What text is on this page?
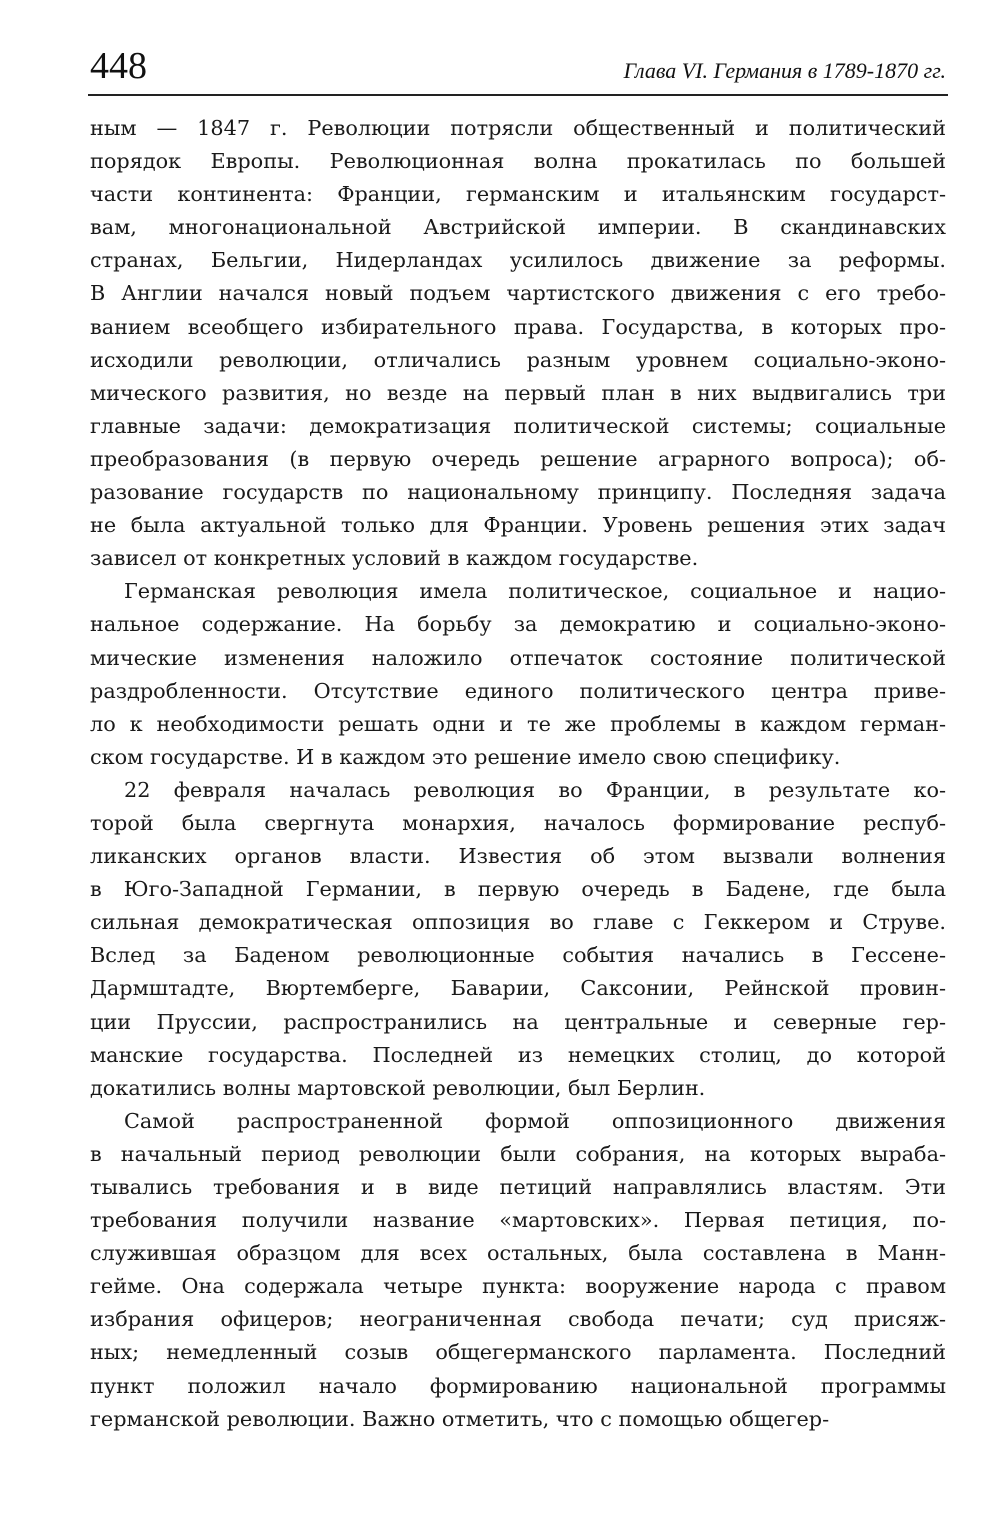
448	Глава VI. Германия в 1789-1870 гг.
ным — 1847 г. Революции потрясли общественный и политический
порядок Европы. Революционная волна прокатилась по большей
части континента: Франции, германским и итальянским государст-
вам, многонациональной Австрийской империи. В скандинавских
странах, Бельгии, Нидерландах усилилось движение за реформы.
В Англии начался новый подъем чартистского движения с его требо-
ванием всеобщего избирательного права. Государства, в которых про-
исходили революции, отличались разным уровнем социально-эконо-
мического развития, но везде на первый план в них выдвигались три
главные задачи: демократизация политической системы; социальные
преобразования (в первую очередь решение аграрного вопроса); об-
разование государств по национальному принципу. Последняя задача
не была актуальной только для Франции. Уровень решения этих задач
зависел от конкретных условий в каждом государстве.
Германская революция имела политическое, социальное и нацио-
нальное содержание. На борьбу за демократию и социально-эконо-
мические изменения наложило отпечаток состояние политической
раздробленности. Отсутствие единого политического центра приве-
ло к необходимости решать одни и те же проблемы в каждом герман-
ском государстве. И в каждом это решение имело свою специфику.
22 февраля началась революция во Франции, в результате ко-
торой была свергнута монархия, началось формирование респуб-
ликанских органов власти. Известия об этом вызвали волнения
в Юго-Западной Германии, в первую очередь в Бадене, где была
сильная демократическая оппозиция во главе с Геккером и Струве.
Вслед за Баденом революционные события начались в Гессене-
Дармштадте, Вюртемберге, Баварии, Саксонии, Рейнской провин-
ции Пруссии, распространились на центральные и северные гер-
манские государства. Последней из немецких столиц, до которой
докатились волны мартовской революции, был Берлин.
Самой распространенной формой оппозиционного движения
в начальный период революции были собрания, на которых выраба-
тывались требования и в виде петиций направлялись властям. Эти
требования получили название «мартовских». Первая петиция, по-
служившая образцом для всех остальных, была составлена в Манн-
гейме. Она содержала четыре пункта: вооружение народа с правом
избрания офицеров; неограниченная свобода печати; суд присяж-
ных; немедленный созыв общегерманского парламента. Последний
пункт положил начало формированию национальной программы
германской революции. Важно отметить, что с помощью общегер-
